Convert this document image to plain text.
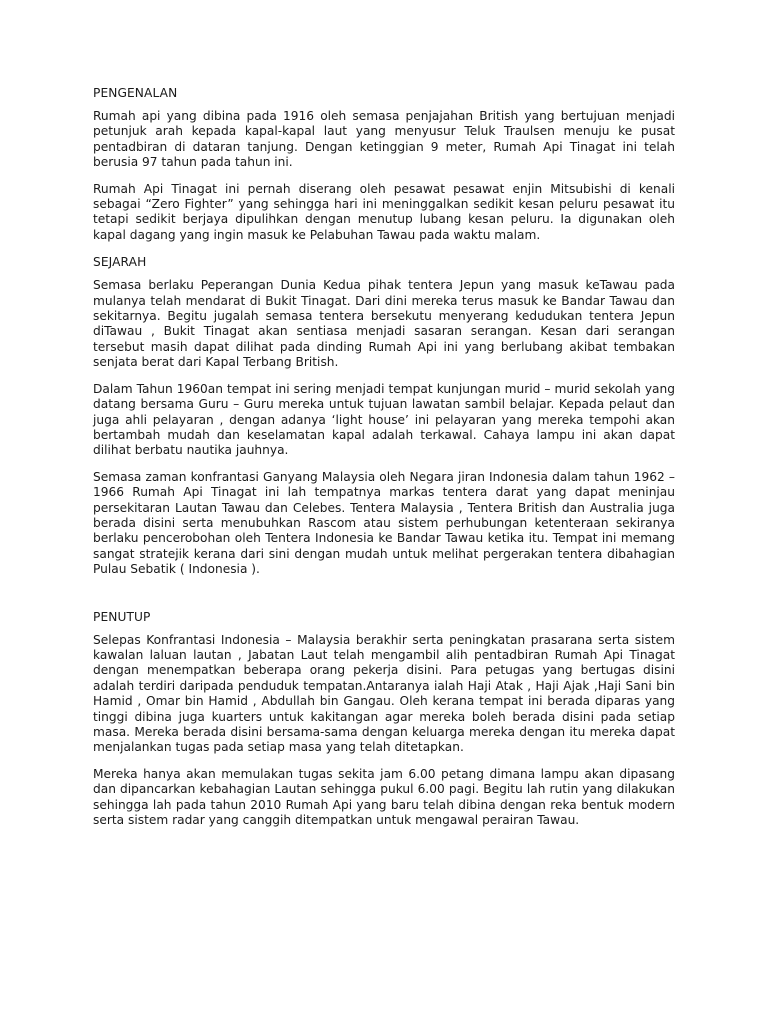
PENGENALAN

Rumah api yang dibina pada 1916 oleh semasa penjajahan British yang bertujuan menjadi petunjuk arah kepada kapal-kapal laut yang menyusur Teluk Traulsen menuju ke pusat pentadbiran di dataran tanjung. Dengan ketinggian 9 meter, Rumah Api Tinagat ini telah berusia 97 tahun pada tahun ini.

Rumah Api Tinagat ini pernah diserang oleh pesawat pesawat enjin Mitsubishi di kenali sebagai “Zero Fighter” yang sehingga hari ini meninggalkan sedikit kesan peluru pesawat itu tetapi sedikit berjaya dipulihkan dengan menutup lubang kesan peluru. Ia digunakan oleh kapal dagang yang ingin masuk ke Pelabuhan Tawau pada waktu malam.

SEJARAH

Semasa berlaku Peperangan Dunia Kedua pihak tentera Jepun yang masuk keTawau pada mulanya telah mendarat di Bukit Tinagat. Dari dini mereka terus masuk ke Bandar Tawau dan sekitarnya. Begitu jugalah semasa tentera bersekutu menyerang kedudukan tentera Jepun diTawau , Bukit Tinagat akan sentiasa menjadi sasaran serangan. Kesan dari serangan tersebut masih dapat dilihat pada dinding Rumah Api ini yang berlubang akibat tembakan senjata berat dari Kapal Terbang British.

Dalam Tahun 1960an tempat ini sering menjadi tempat kunjungan murid – murid sekolah yang datang bersama Guru – Guru mereka untuk tujuan lawatan sambil belajar. Kepada pelaut dan juga ahli pelayaran , dengan adanya ‘light house’ ini pelayaran yang mereka tempohi akan bertambah mudah dan keselamatan kapal adalah terkawal. Cahaya lampu ini akan dapat dilihat berbatu nautika jauhnya.

Semasa zaman konfrantasi Ganyang Malaysia oleh Negara jiran Indonesia dalam tahun 1962 – 1966 Rumah Api Tinagat ini lah tempatnya markas tentera darat yang dapat meninjau persekitaran Lautan Tawau dan Celebes. Tentera Malaysia , Tentera British dan Australia juga berada disini serta menubuhkan Rascom atau sistem perhubungan ketenteraan sekiranya berlaku pencerobohan oleh Tentera Indonesia ke Bandar Tawau ketika itu. Tempat ini memang sangat stratejik kerana dari sini dengan mudah untuk melihat pergerakan tentera dibahagian Pulau Sebatik ( Indonesia ).

PENUTUP

Selepas Konfrantasi Indonesia – Malaysia berakhir serta peningkatan prasarana serta sistem kawalan laluan lautan , Jabatan Laut telah mengambil alih pentadbiran Rumah Api Tinagat dengan menempatkan beberapa orang pekerja disini. Para petugas yang bertugas disini adalah terdiri daripada penduduk tempatan.Antaranya ialah Haji Atak , Haji Ajak ,Haji Sani bin Hamid , Omar bin Hamid , Abdullah bin Gangau. Oleh kerana tempat ini berada diparas yang tinggi dibina juga kuarters untuk kakitangan agar mereka boleh berada disini pada setiap masa. Mereka berada disini bersama-sama dengan keluarga mereka dengan itu mereka dapat menjalankan tugas pada setiap masa yang telah ditetapkan.

Mereka hanya akan memulakan tugas sekita jam 6.00 petang dimana lampu akan dipasang dan dipancarkan kebahagian Lautan sehingga pukul 6.00 pagi. Begitu lah rutin yang dilakukan sehingga lah pada tahun 2010 Rumah Api yang baru telah dibina dengan reka bentuk modern serta sistem radar yang canggih ditempatkan untuk mengawal perairan Tawau.
